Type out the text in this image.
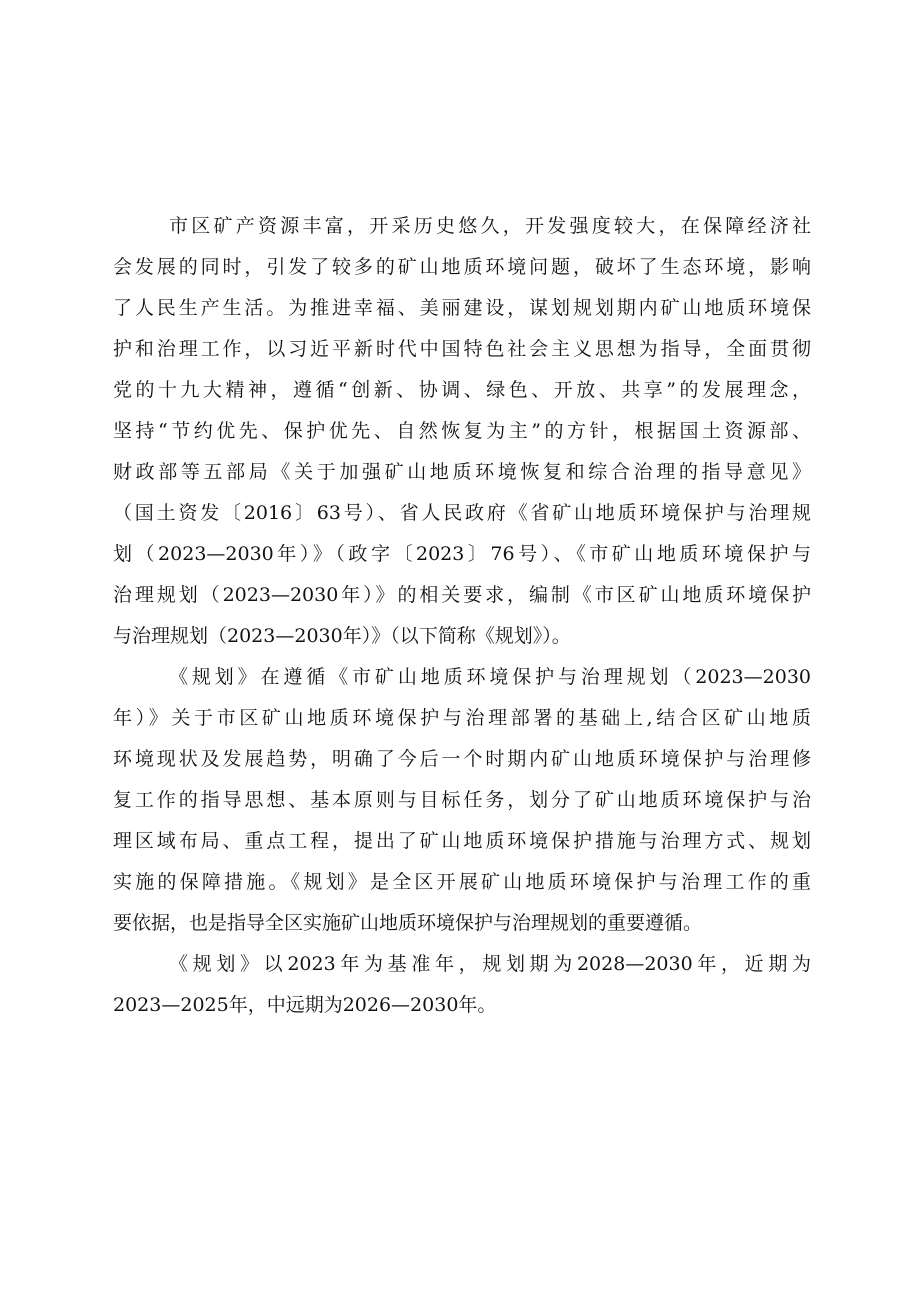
市区矿产资源丰富，开采历史悠久，开发强度较大，在保障经济社
会发展的同时，引发了较多的矿山地质环境问题，破坏了生态环境，影响
了人民生产生活。为推进幸福、美丽建设，谋划规划期内矿山地质环境保
护和治理工作，以习近平新时代中国特色社会主义思想为指导，全面贯彻
党的十九大精神，遵循“创新、协调、绿色、开放、共享”的发展理念，
坚持“节约优先、保护优先、自然恢复为主”的方针，根据国土资源部、
财政部等五部局《关于加强矿山地质环境恢复和综合治理的指导意见》
（国土资发〔2016〕63号）、省人民政府《省矿山地质环境保护与治理规
划（2023—2030年）》（政字〔2023〕76号）、《市矿山地质环境保护与
治理规划（2023—2030年）》的相关要求，编制《市区矿山地质环境保护
与治理规划（2023—2030年）》（以下简称《规划》）。

《规划》在遵循《市矿山地质环境保护与治理规划（2023—2030
年）》关于市区矿山地质环境保护与治理部署的基础上,结合区矿山地质
环境现状及发展趋势，明确了今后一个时期内矿山地质环境保护与治理修
复工作的指导思想、基本原则与目标任务，划分了矿山地质环境保护与治
理区域布局、重点工程，提出了矿山地质环境保护措施与治理方式、规划
实施的保障措施。《规划》是全区开展矿山地质环境保护与治理工作的重
要依据，也是指导全区实施矿山地质环境保护与治理规划的重要遵循。

《规划》以2023年为基准年，规划期为2028—2030年，近期为
2023—2025年，中远期为2026—2030年。
